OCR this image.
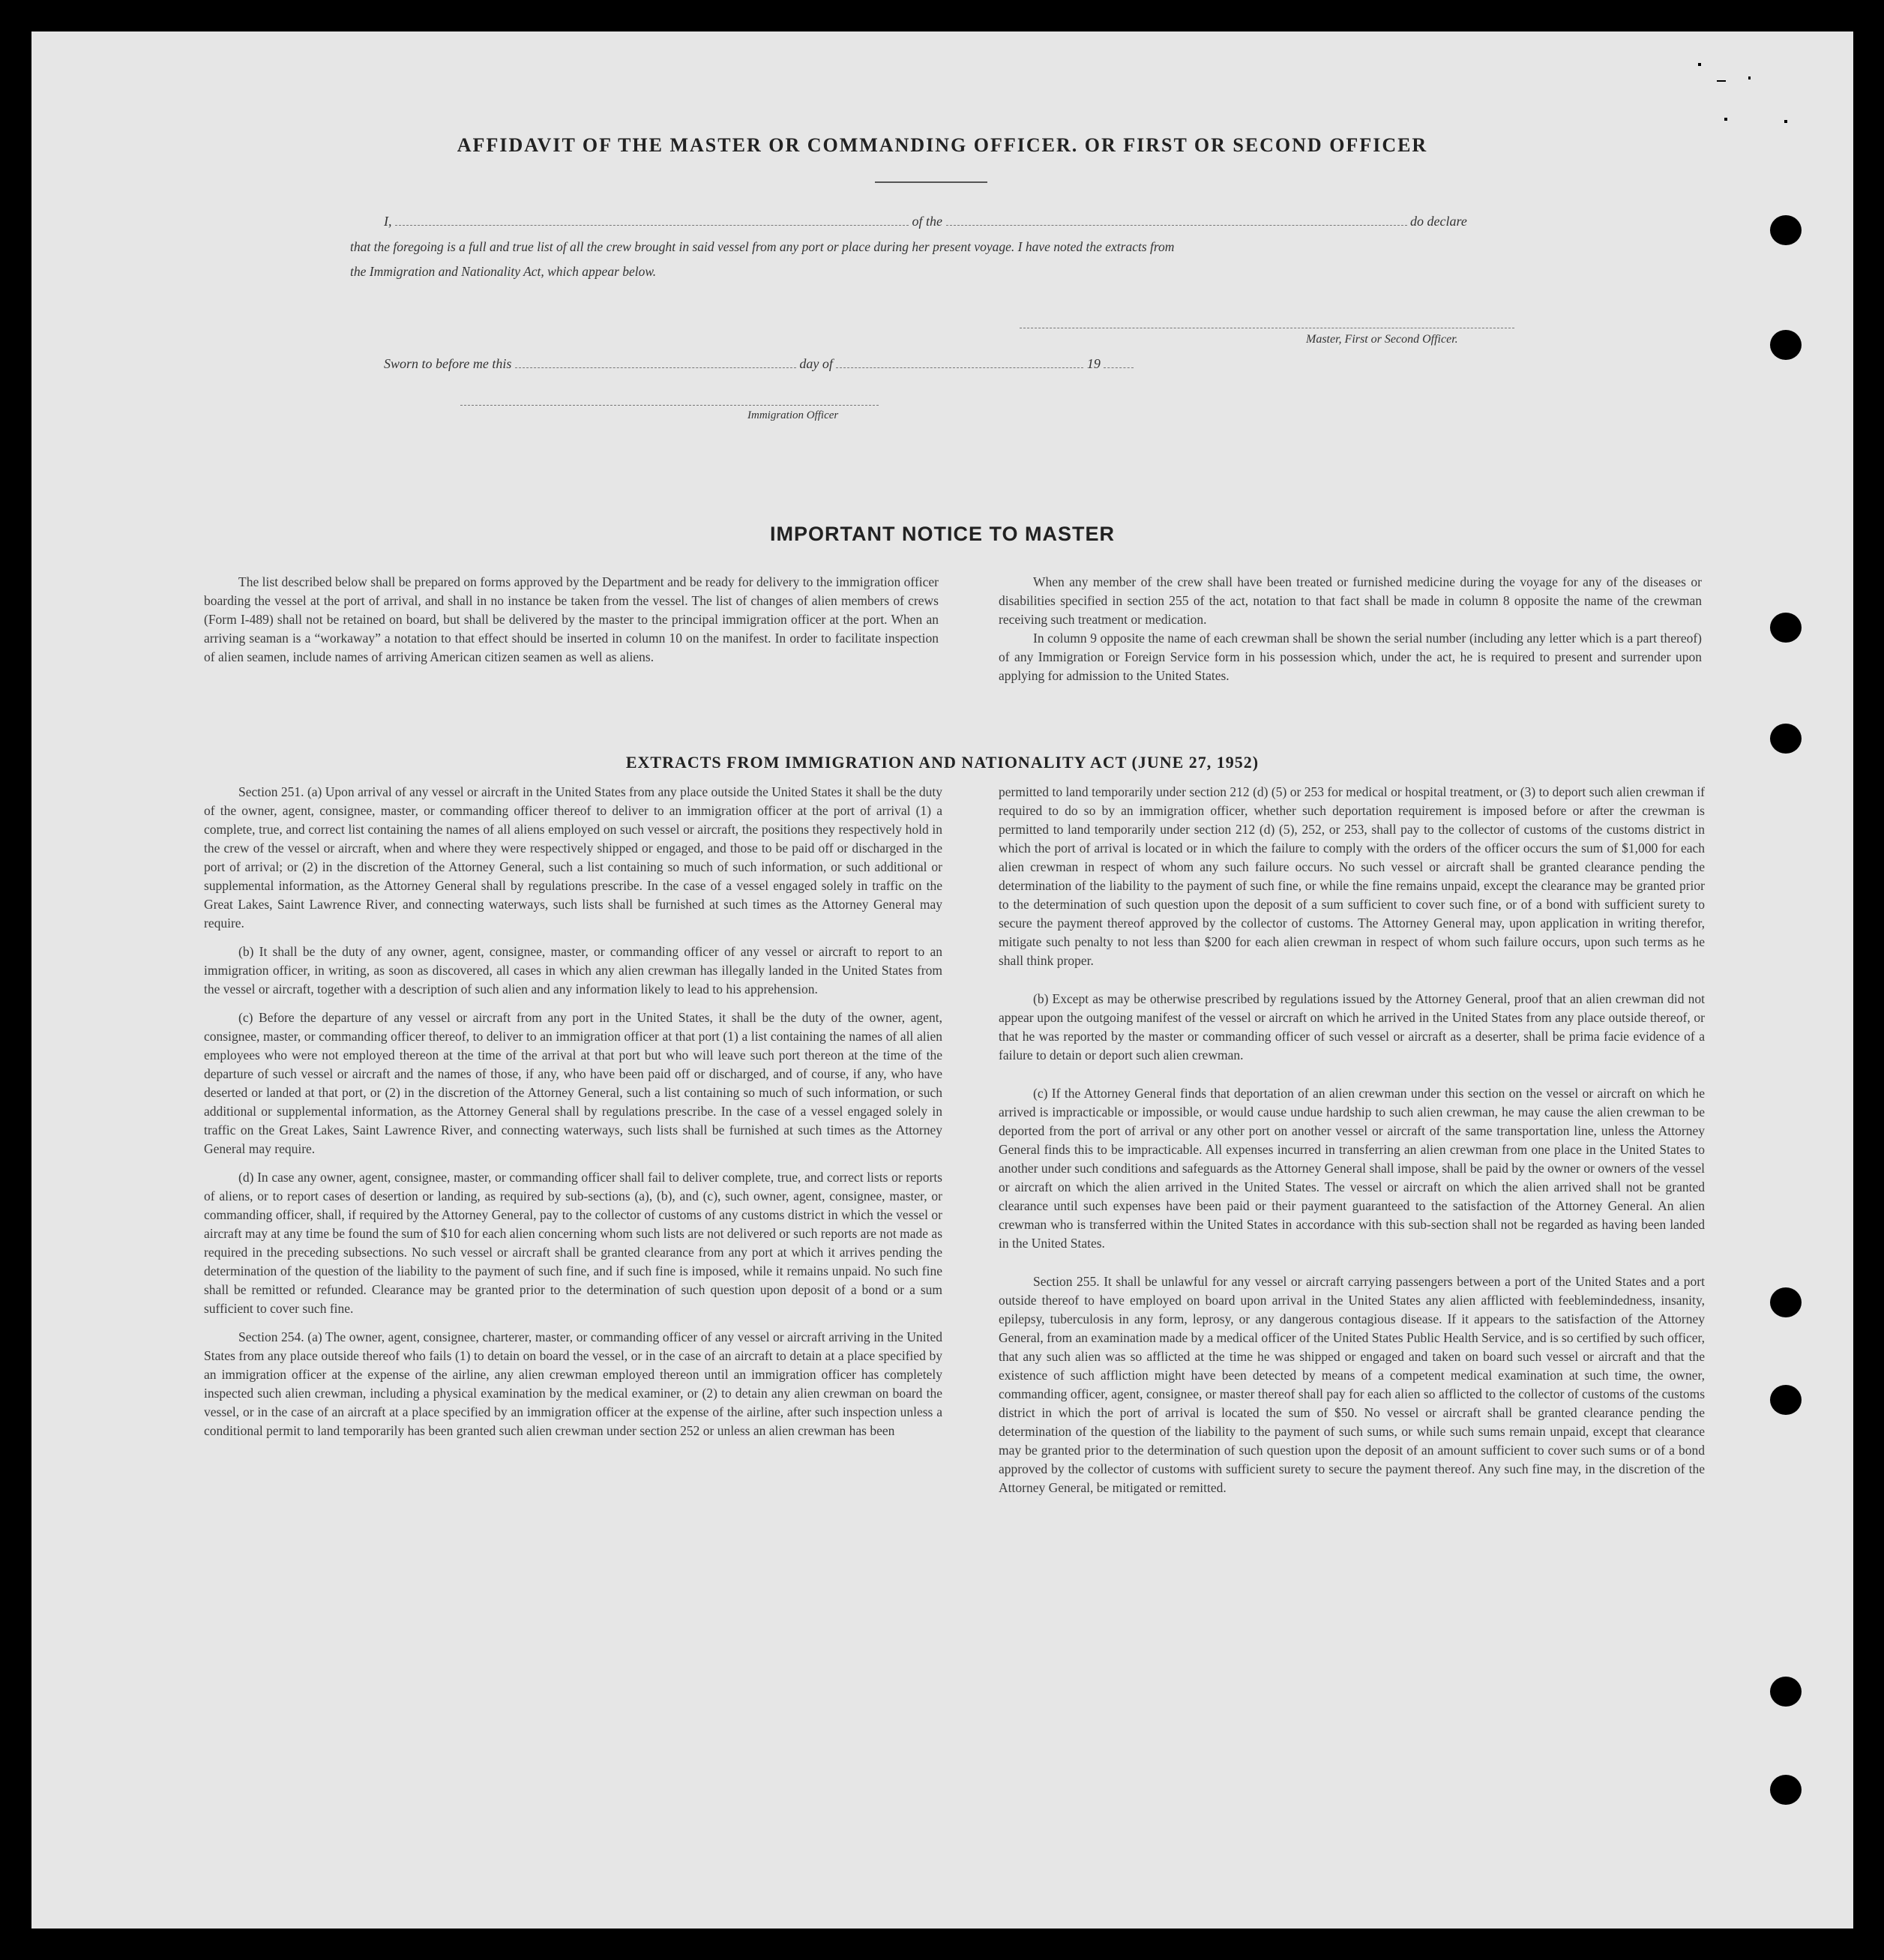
AFFIDAVIT OF THE MASTER OR COMMANDING OFFICER. OR FIRST OR SECOND OFFICER
I,	of the	do declare
that the foregoing is a full and true list of all the crew brought in said vessel from any port or place during her present voyage. I have noted the extracts from
the Immigration and Nationality Act, which appear below.
Master, First or Second Officer.
Sworn to before me this	day of	19
Immigration Officer
IMPORTANT NOTICE TO MASTER

The list described below shall be prepared on forms approved by the Department and be ready for delivery to the immigration officer boarding the vessel at the port of arrival, and shall in no instance be taken from the vessel. The list of changes of alien members of crews (Form I-489) shall not be retained on board, but shall be delivered by the master to the principal immigration officer at the port. When an arriving seaman is a “workaway” a notation to that effect should be inserted in column 10 on the manifest. In order to facilitate inspection of alien seamen, include names of arriving American citizen seamen as well as aliens.

When any member of the crew shall have been treated or furnished medicine during the voyage for any of the diseases or disabilities specified in section 255 of the act, notation to that fact shall be made in column 8 opposite the name of the crewman receiving such treatment or medication.

In column 9 opposite the name of each crewman shall be shown the serial number (including any letter which is a part thereof) of any Immigration or Foreign Service form in his possession which, under the act, he is required to present and surrender upon applying for admission to the United States.

EXTRACTS FROM IMMIGRATION AND NATIONALITY ACT (JUNE 27, 1952)

Section 251. (a) Upon arrival of any vessel or aircraft in the United States from any place outside the United States it shall be the duty of the owner, agent, consignee, master, or commanding officer thereof to deliver to an immigration officer at the port of arrival (1) a complete, true, and correct list containing the names of all aliens employed on such vessel or aircraft, the positions they respectively hold in the crew of the vessel or aircraft, when and where they were respectively shipped or engaged, and those to be paid off or discharged in the port of arrival; or (2) in the discretion of the Attorney General, such a list containing so much of such information, or such additional or supplemental information, as the Attorney General shall by regulations prescribe. In the case of a vessel engaged solely in traffic on the Great Lakes, Saint Lawrence River, and connecting waterways, such lists shall be furnished at such times as the Attorney General may require.

(b) It shall be the duty of any owner, agent, consignee, master, or commanding officer of any vessel or aircraft to report to an immigration officer, in writing, as soon as discovered, all cases in which any alien crewman has illegally landed in the United States from the vessel or aircraft, together with a description of such alien and any information likely to lead to his apprehension.

(c) Before the departure of any vessel or aircraft from any port in the United States, it shall be the duty of the owner, agent, consignee, master, or commanding officer thereof, to deliver to an immigration officer at that port (1) a list containing the names of all alien employees who were not employed thereon at the time of the arrival at that port but who will leave such port thereon at the time of the departure of such vessel or aircraft and the names of those, if any, who have been paid off or discharged, and of course, if any, who have deserted or landed at that port, or (2) in the discretion of the Attorney General, such a list containing so much of such information, or such additional or supplemental information, as the Attorney General shall by regulations prescribe. In the case of a vessel engaged solely in traffic on the Great Lakes, Saint Lawrence River, and connecting waterways, such lists shall be furnished at such times as the Attorney General may require.

(d) In case any owner, agent, consignee, master, or commanding officer shall fail to deliver complete, true, and correct lists or reports of aliens, or to report cases of desertion or landing, as required by sub-sections (a), (b), and (c), such owner, agent, consignee, master, or commanding officer, shall, if required by the Attorney General, pay to the collector of customs of any customs district in which the vessel or aircraft may at any time be found the sum of $10 for each alien concerning whom such lists are not delivered or such reports are not made as required in the preceding subsections. No such vessel or aircraft shall be granted clearance from any port at which it arrives pending the determination of the question of the liability to the payment of such fine, and if such fine is imposed, while it remains unpaid. No such fine shall be remitted or refunded. Clearance may be granted prior to the determination of such question upon deposit of a bond or a sum sufficient to cover such fine.

Section 254. (a) The owner, agent, consignee, charterer, master, or commanding officer of any vessel or aircraft arriving in the United States from any place outside thereof who fails (1) to detain on board the vessel, or in the case of an aircraft to detain at a place specified by an immigration officer at the expense of the airline, any alien crewman employed thereon until an immigration officer has completely inspected such alien crewman, including a physical examination by the medical examiner, or (2) to detain any alien crewman on board the vessel, or in the case of an aircraft at a place specified by an immigration officer at the expense of the airline, after such inspection unless a conditional permit to land temporarily has been granted such alien crewman under section 252 or unless an alien crewman has been

permitted to land temporarily under section 212 (d) (5) or 253 for medical or hospital treatment, or (3) to deport such alien crewman if required to do so by an immigration officer, whether such deportation requirement is imposed before or after the crewman is permitted to land temporarily under section 212 (d) (5), 252, or 253, shall pay to the collector of customs of the customs district in which the port of arrival is located or in which the failure to comply with the orders of the officer occurs the sum of $1,000 for each alien crewman in respect of whom any such failure occurs. No such vessel or aircraft shall be granted clearance pending the determination of the liability to the payment of such fine, or while the fine remains unpaid, except the clearance may be granted prior to the determination of such question upon the deposit of a sum sufficient to cover such fine, or of a bond with sufficient surety to secure the payment thereof approved by the collector of customs. The Attorney General may, upon application in writing therefor, mitigate such penalty to not less than $200 for each alien crewman in respect of whom such failure occurs, upon such terms as he shall think proper.

(b) Except as may be otherwise prescribed by regulations issued by the Attorney General, proof that an alien crewman did not appear upon the outgoing manifest of the vessel or aircraft on which he arrived in the United States from any place outside thereof, or that he was reported by the master or commanding officer of such vessel or aircraft as a deserter, shall be prima facie evidence of a failure to detain or deport such alien crewman.

(c) If the Attorney General finds that deportation of an alien crewman under this section on the vessel or aircraft on which he arrived is impracticable or impossible, or would cause undue hardship to such alien crewman, he may cause the alien crewman to be deported from the port of arrival or any other port on another vessel or aircraft of the same transportation line, unless the Attorney General finds this to be impracticable. All expenses incurred in transferring an alien crewman from one place in the United States to another under such conditions and safeguards as the Attorney General shall impose, shall be paid by the owner or owners of the vessel or aircraft on which the alien arrived in the United States. The vessel or aircraft on which the alien arrived shall not be granted clearance until such expenses have been paid or their payment guaranteed to the satisfaction of the Attorney General. An alien crewman who is transferred within the United States in accordance with this sub-section shall not be regarded as having been landed in the United States.

Section 255. It shall be unlawful for any vessel or aircraft carrying passengers between a port of the United States and a port outside thereof to have employed on board upon arrival in the United States any alien afflicted with feeblemindedness, insanity, epilepsy, tuberculosis in any form, leprosy, or any dangerous contagious disease. If it appears to the satisfaction of the Attorney General, from an examination made by a medical officer of the United States Public Health Service, and is so certified by such officer, that any such alien was so afflicted at the time he was shipped or engaged and taken on board such vessel or aircraft and that the existence of such affliction might have been detected by means of a competent medical examination at such time, the owner, commanding officer, agent, consignee, or master thereof shall pay for each alien so afflicted to the collector of customs of the customs district in which the port of arrival is located the sum of $50. No vessel or aircraft shall be granted clearance pending the determination of the question of the liability to the payment of such sums, or while such sums remain unpaid, except that clearance may be granted prior to the determination of such question upon the deposit of an amount sufficient to cover such sums or of a bond approved by the collector of customs with sufficient surety to secure the payment thereof. Any such fine may, in the discretion of the Attorney General, be mitigated or remitted.
